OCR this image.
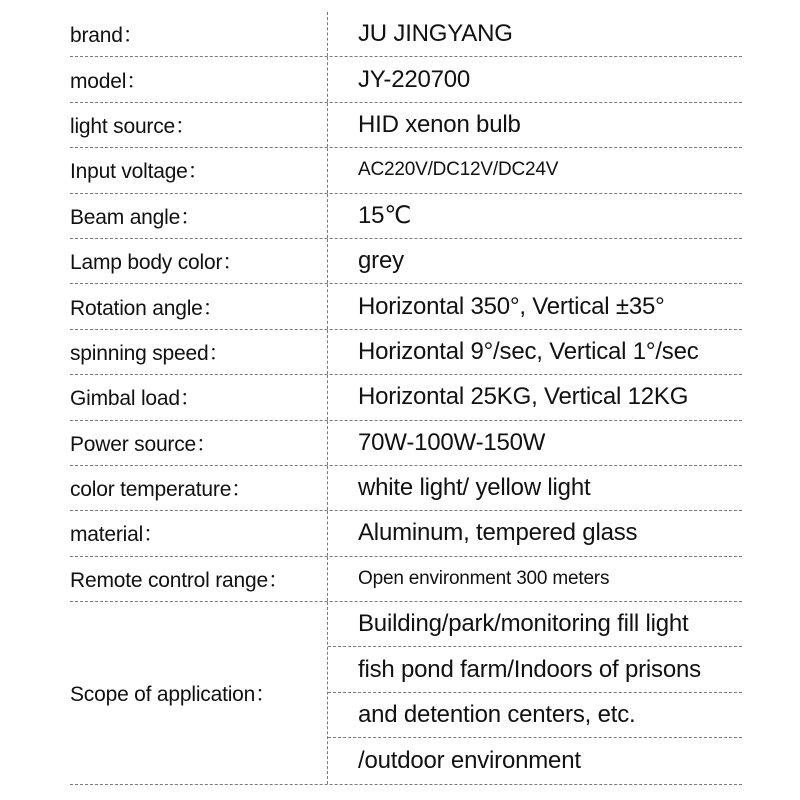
brand：	JU JINGYANG
model：	JY-220700
light source：	HID xenon bulb
Input voltage：	AC220V/DC12V/DC24V
Beam angle：	15℃
Lamp body color：	grey
Rotation angle：	Horizontal 350°, Vertical ±35°
spinning speed：	Horizontal 9°/sec, Vertical 1°/sec
Gimbal load：	Horizontal 25KG, Vertical 12KG
Power source：	70W-100W-150W
color temperature：	white light/ yellow light
material：	Aluminum, tempered glass
Remote control range：	Open environment 300 meters
Scope of application：
Building/park/monitoring fill light
fish pond farm/Indoors of prisons
and detention centers, etc.
/outdoor environment
